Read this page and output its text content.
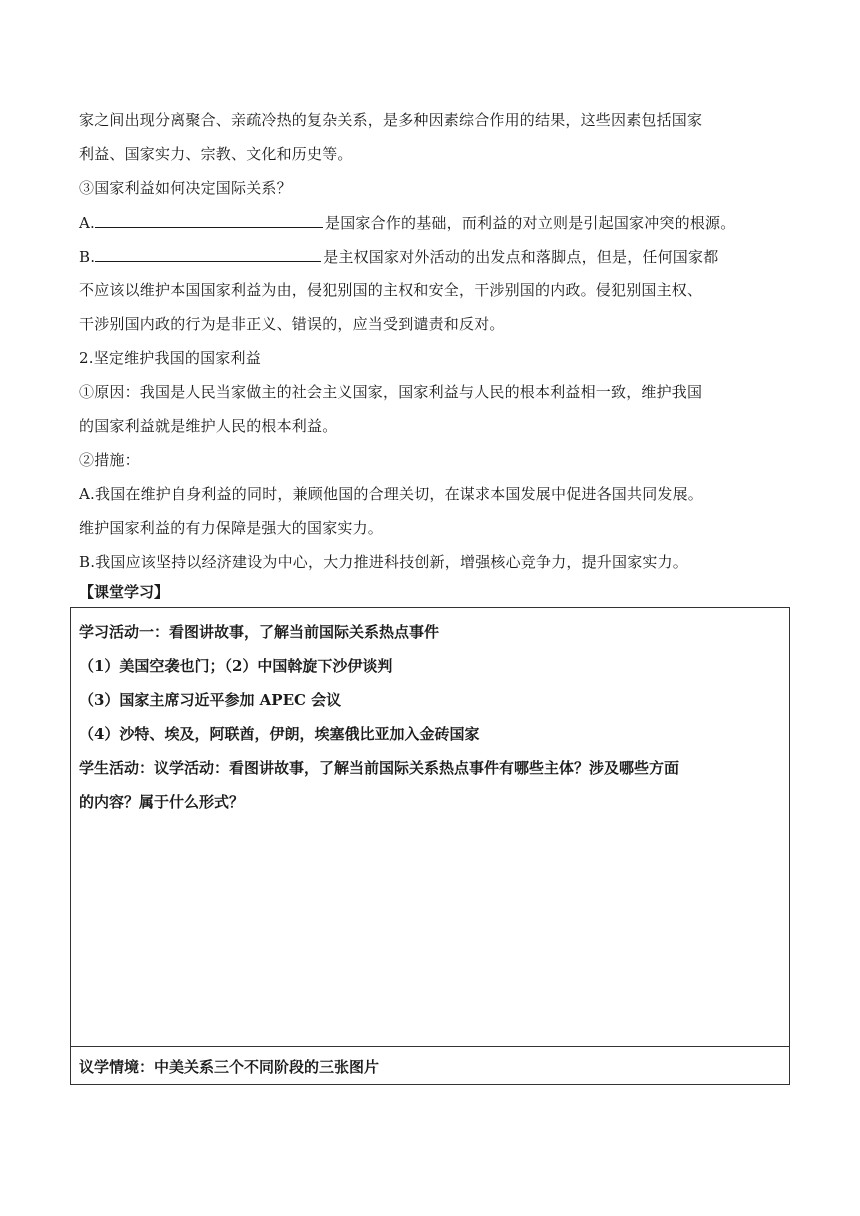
家之间出现分离聚合、亲疏冷热的复杂关系，是多种因素综合作用的结果，这些因素包括国家
利益、国家实力、宗教、文化和历史等。
③国家利益如何决定国际关系？
A.	是国家合作的基础，而利益的对立则是引起国家冲突的根源。
B.	是主权国家对外活动的出发点和落脚点，但是，任何国家都
不应该以维护本国国家利益为由，侵犯别国的主权和安全，干涉别国的内政。侵犯别国主权、
干涉别国内政的行为是非正义、错误的，应当受到谴责和反对。
2.坚定维护我国的国家利益
①原因：我国是人民当家做主的社会主义国家，国家利益与人民的根本利益相一致，维护我国
的国家利益就是维护人民的根本利益。
②措施：
A.我国在维护自身利益的同时，兼顾他国的合理关切，在谋求本国发展中促进各国共同发展。
维护国家利益的有力保障是强大的国家实力。
B.我国应该坚持以经济建设为中心，大力推进科技创新，增强核心竞争力，提升国家实力。
【课堂学习】
学习活动一：看图讲故事，了解当前国际关系热点事件
（1）美国空袭也门；（2）中国斡旋下沙伊谈判
（3）国家主席习近平参加 APEC 会议
（4）沙特、埃及，阿联酋，伊朗，埃塞俄比亚加入金砖国家
学生活动：议学活动：看图讲故事，了解当前国际关系热点事件有哪些主体？涉及哪些方面
的内容？属于什么形式？
议学情境：中美关系三个不同阶段的三张图片
